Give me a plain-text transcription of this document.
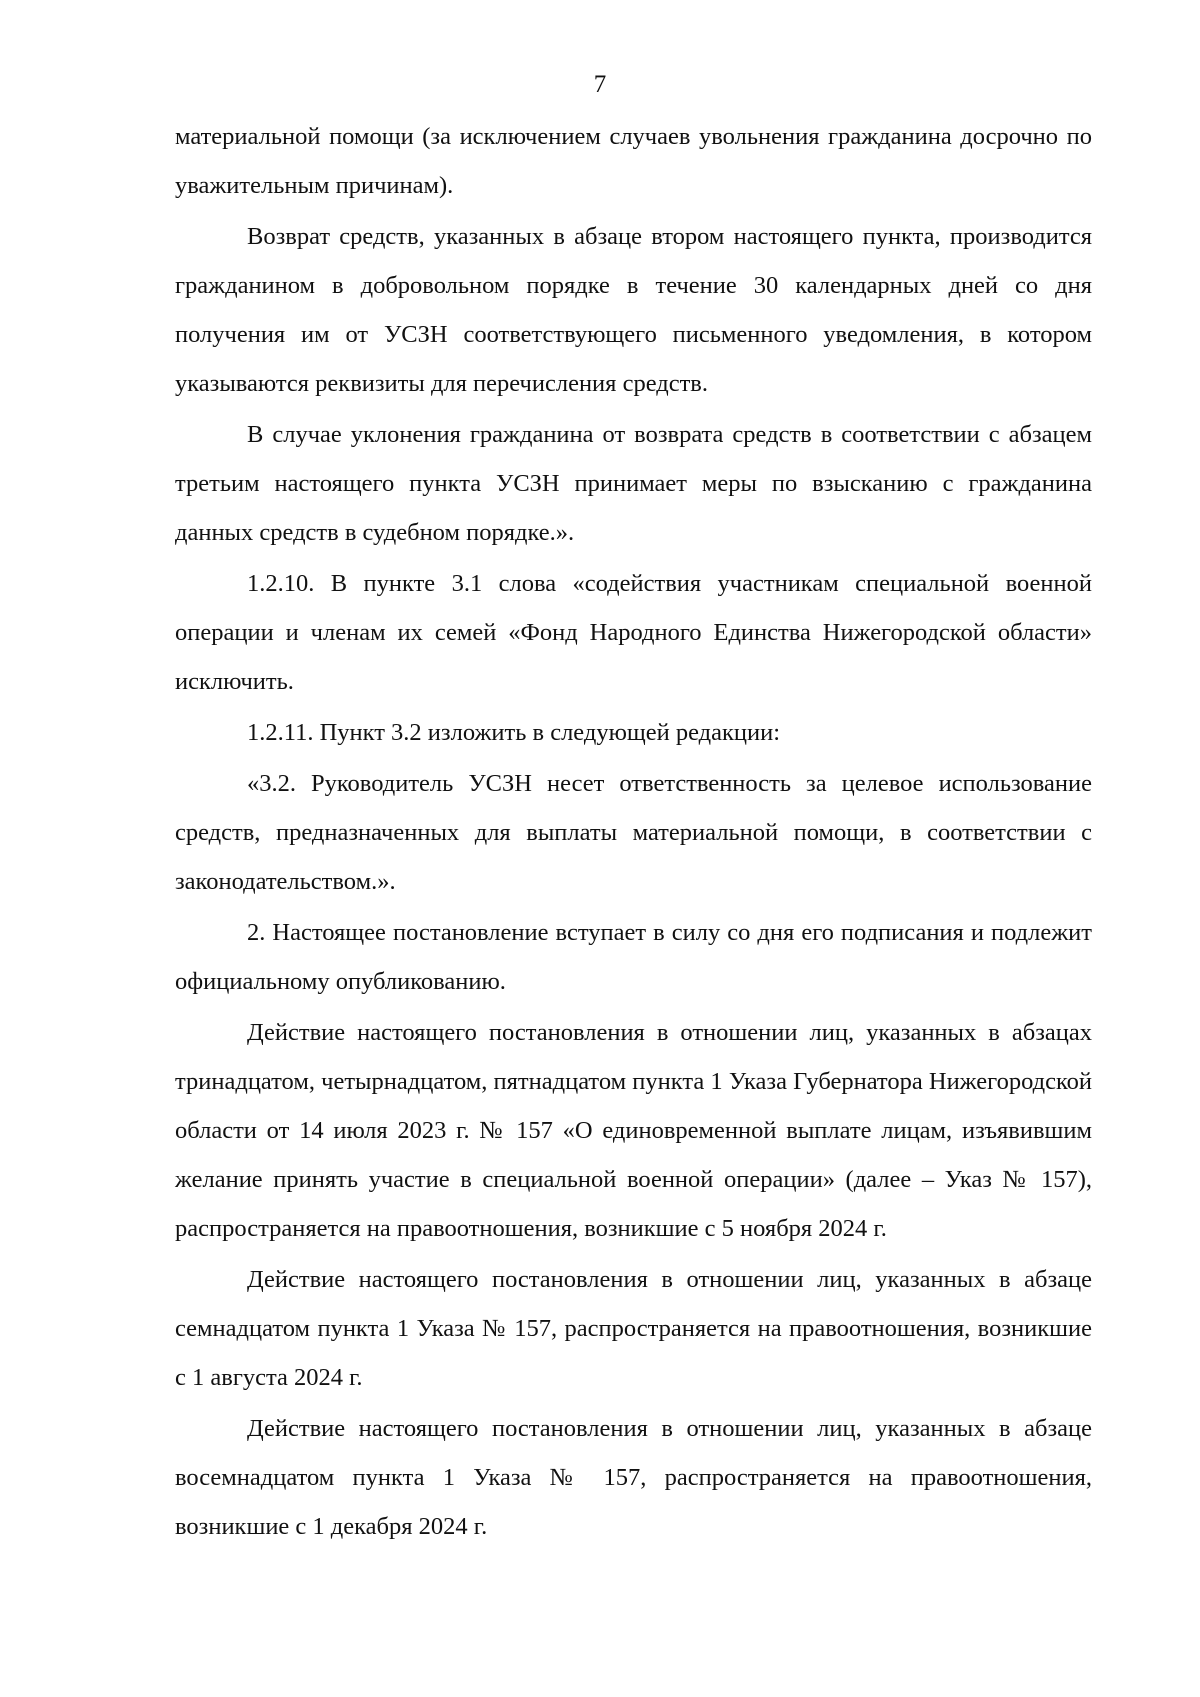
7

материальной помощи (за исключением случаев увольнения гражданина досрочно по уважительным причинам).

Возврат средств, указанных в абзаце втором настоящего пункта, производится гражданином в добровольном порядке в течение 30 календарных дней со дня получения им от УСЗН соответствующего письменного уведомления, в котором указываются реквизиты для перечисления средств.

В случае уклонения гражданина от возврата средств в соответствии с абзацем третьим настоящего пункта УСЗН принимает меры по взысканию с гражданина данных средств в судебном порядке.».

1.2.10. В пункте 3.1 слова «содействия участникам специальной военной операции и членам их семей «Фонд Народного Единства Нижегородской области» исключить.

1.2.11. Пункт 3.2 изложить в следующей редакции:

«3.2. Руководитель УСЗН несет ответственность за целевое использование средств, предназначенных для выплаты материальной помощи, в соответствии с законодательством.».

2. Настоящее постановление вступает в силу со дня его подписания и подлежит официальному опубликованию.

Действие настоящего постановления в отношении лиц, указанных в абзацах тринадцатом, четырнадцатом, пятнадцатом пункта 1 Указа Губернатора Нижегородской области от 14 июля 2023 г. № 157 «О единовременной выплате лицам, изъявившим желание принять участие в специальной военной операции» (далее – Указ № 157), распространяется на правоотношения, возникшие с 5 ноября 2024 г.

Действие настоящего постановления в отношении лиц, указанных в абзаце семнадцатом пункта 1 Указа № 157, распространяется на правоотношения, возникшие с 1 августа 2024 г.

Действие настоящего постановления в отношении лиц, указанных в абзаце восемнадцатом пункта 1 Указа № 157, распространяется на правоотношения, возникшие с 1 декабря 2024 г.
